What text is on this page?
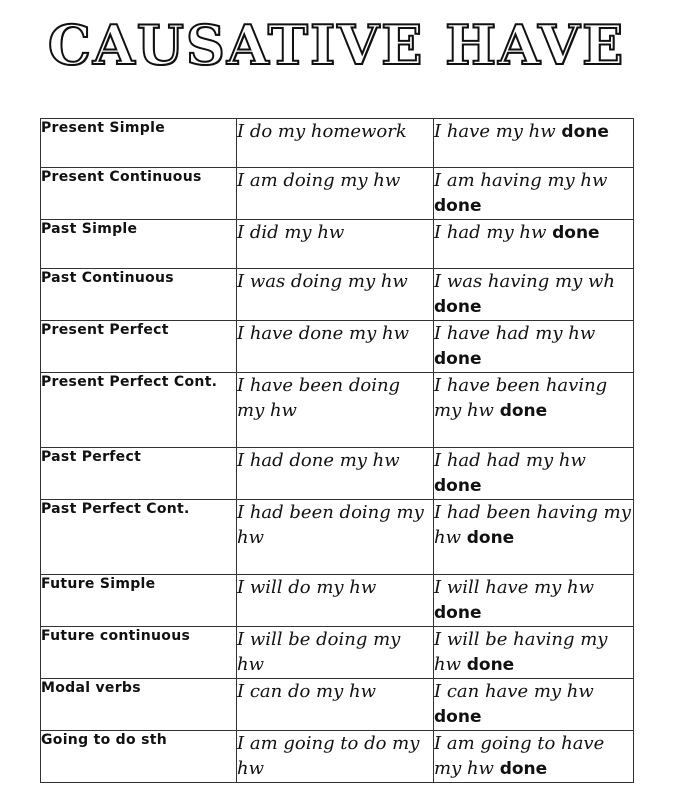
CAUSATIVE HAVE
Present Simple	I do my homework	I have my hw done
Present Continuous	I am doing my hw	I am having my hw done
Past Simple	I did my hw	I had my hw done
Past Continuous	I was doing my hw	I was having my wh done
Present Perfect	I have done my hw	I have had my hw done
Present Perfect Cont.	I have been doing my hw	I have been having my hw done
Past Perfect	I had done my hw	I had had my hw done
Past Perfect Cont.	I had been doing my hw	I had been having my hw done
Future Simple	I will do my hw	I will have my hw done
Future continuous	I will be doing my hw	I will be having my hw done
Modal verbs	I can do my hw	I can have my hw done
Going to do sth	I am going to do my hw	I am going to have my hw done
